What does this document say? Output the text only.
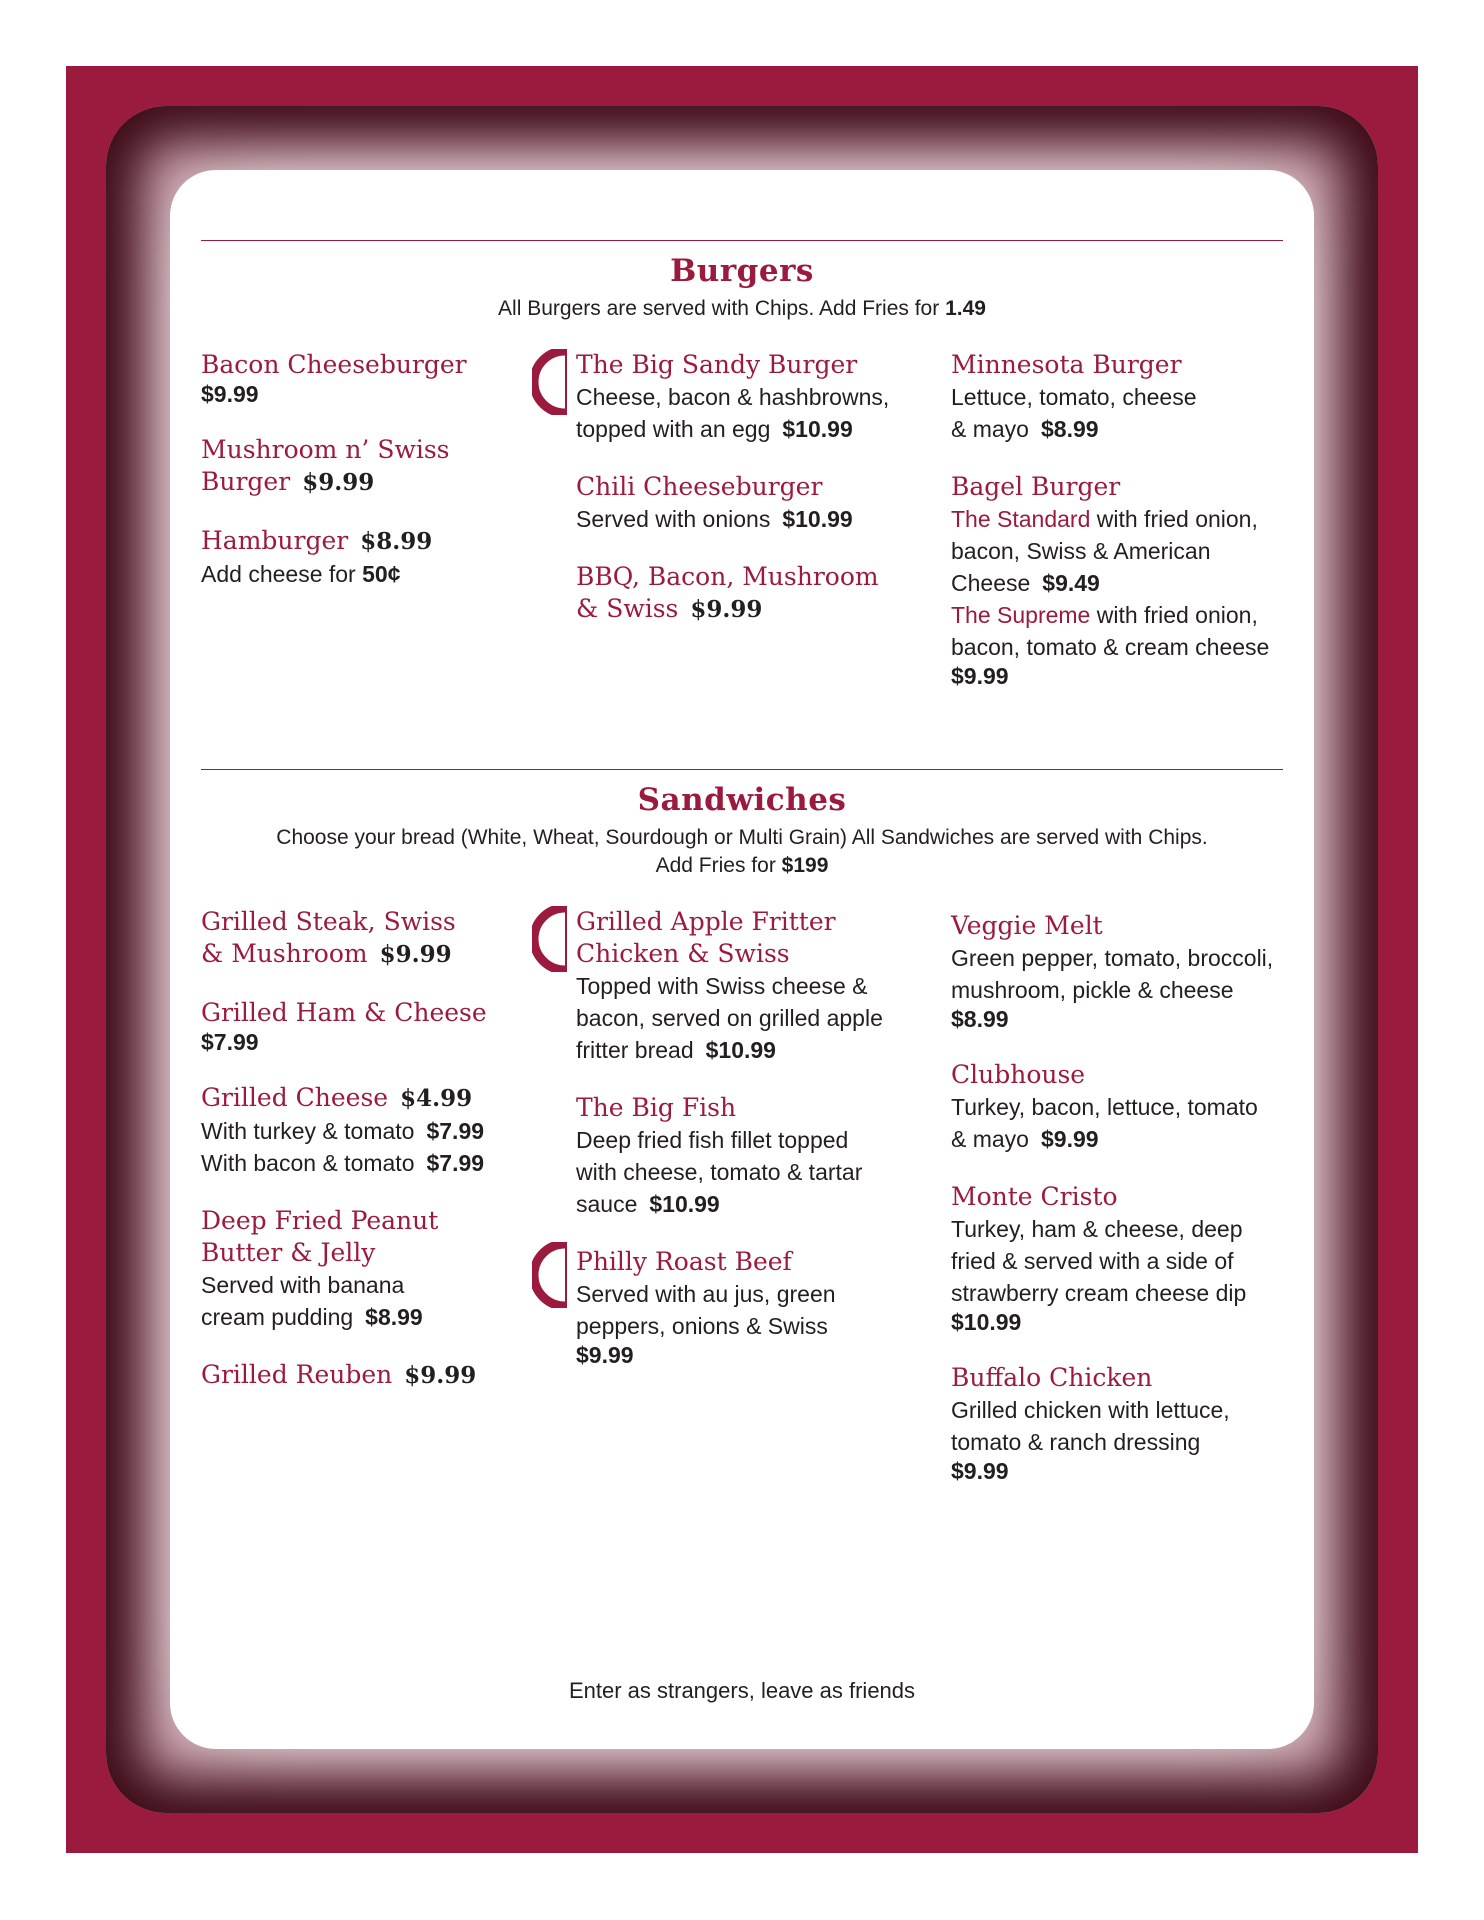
Burgers
All Burgers are served with Chips. Add Fries for 1.49
Bacon Cheeseburger
$9.99
Mushroom n’ Swiss
Burger $9.99
Hamburger $8.99
Add cheese for 50¢
The Big Sandy Burger
Cheese, bacon & hashbrowns,
topped with an egg $10.99
Chili Cheeseburger
Served with onions $10.99
BBQ, Bacon, Mushroom
& Swiss $9.99
Minnesota Burger
Lettuce, tomato, cheese
& mayo $8.99
Bagel Burger
The Standard with fried onion,
bacon, Swiss & American
Cheese $9.49
The Supreme with fried onion,
bacon, tomato & cream cheese
$9.99
Sandwiches
Choose your bread (White, Wheat, Sourdough or Multi Grain) All Sandwiches are served with Chips.
Add Fries for $199
Grilled Steak, Swiss
& Mushroom $9.99
Grilled Ham & Cheese
$7.99
Grilled Cheese $4.99
With turkey & tomato $7.99
With bacon & tomato $7.99
Deep Fried Peanut
Butter & Jelly
Served with banana
cream pudding $8.99
Grilled Reuben $9.99
Grilled Apple Fritter
Chicken & Swiss
Topped with Swiss cheese &
bacon, served on grilled apple
fritter bread $10.99
The Big Fish
Deep fried fish fillet topped
with cheese, tomato & tartar
sauce $10.99
Philly Roast Beef
Served with au jus, green
peppers, onions & Swiss
$9.99
Veggie Melt
Green pepper, tomato, broccoli,
mushroom, pickle & cheese
$8.99
Clubhouse
Turkey, bacon, lettuce, tomato
& mayo $9.99
Monte Cristo
Turkey, ham & cheese, deep
fried & served with a side of
strawberry cream cheese dip
$10.99
Buffalo Chicken
Grilled chicken with lettuce,
tomato & ranch dressing
$9.99
Enter as strangers, leave as friends
